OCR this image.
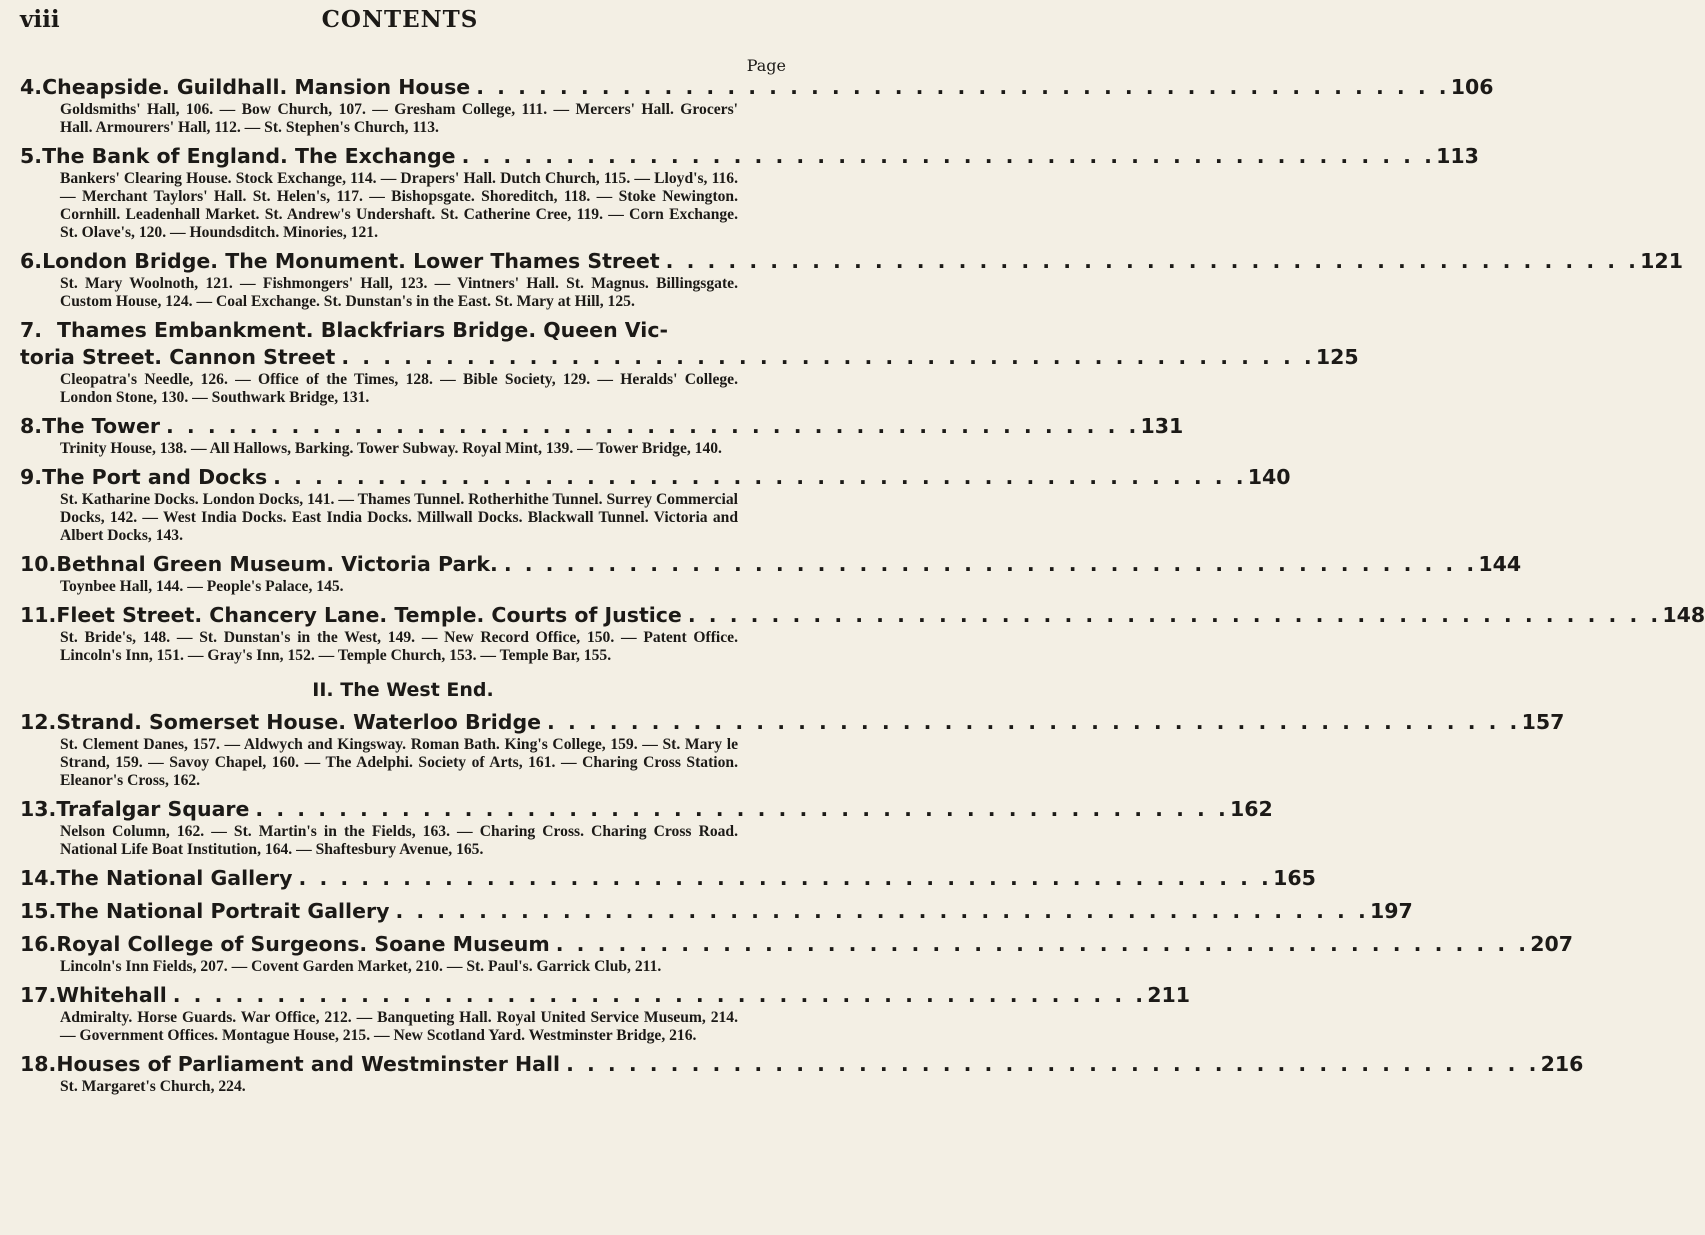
viii	CONTENTS
Page
4. Cheapside. Guildhall. Mansion House . . . . . . . . . . . . . . . . . . . . . . . . . . . . . . . . . . . . . . . . . . . . . . . 106
Goldsmiths' Hall, 106. — Bow Church, 107. — Gresham College, 111. — Mercers' Hall. Grocers' Hall. Armourers' Hall, 112. — St. Stephen's Church, 113.
5. The Bank of England. The Exchange . . . . . . . . . . . . . . . . . . . . . . . . . . . . . . . . . . . . . . . . . . . . . . . 113
Bankers' Clearing House. Stock Exchange, 114. — Drapers' Hall. Dutch Church, 115. — Lloyd's, 116. — Merchant Taylors' Hall. St. Helen's, 117. — Bishopsgate. Shoreditch, 118. — Stoke Newington. Cornhill. Leadenhall Market. St. Andrew's Undershaft. St. Catherine Cree, 119. — Corn Exchange. St. Olave's, 120. — Houndsditch. Minories, 121.
6. London Bridge. The Monument. Lower Thames Street . . . . . . . . . . . . . . . . . . . . . . . . . . . . . . . . . . . . . . . . . . . . . . . 121
St. Mary Woolnoth, 121. — Fishmongers' Hall, 123. — Vintners' Hall. St. Magnus. Billingsgate. Custom House, 124. — Coal Exchange. St. Dunstan's in the East. St. Mary at Hill, 125.
7. Thames Embankment. Blackfriars Bridge. Queen Vic-
toria Street. Cannon Street . . . . . . . . . . . . . . . . . . . . . . . . . . . . . . . . . . . . . . . . . . . . . . . 125
Cleopatra's Needle, 126. — Office of the Times, 128. — Bible Society, 129. — Heralds' College. London Stone, 130. — Southwark Bridge, 131.
8. The Tower . . . . . . . . . . . . . . . . . . . . . . . . . . . . . . . . . . . . . . . . . . . . . . . 131
Trinity House, 138. — All Hallows, Barking. Tower Subway. Royal Mint, 139. — Tower Bridge, 140.
9. The Port and Docks . . . . . . . . . . . . . . . . . . . . . . . . . . . . . . . . . . . . . . . . . . . . . . . 140
St. Katharine Docks. London Docks, 141. — Thames Tunnel. Rotherhithe Tunnel. Surrey Commercial Docks, 142. — West India Docks. East India Docks. Millwall Docks. Blackwall Tunnel. Victoria and Albert Docks, 143.
10. Bethnal Green Museum. Victoria Park. . . . . . . . . . . . . . . . . . . . . . . . . . . . . . . . . . . . . . . . . . . . . . . . 144
Toynbee Hall, 144. — People's Palace, 145.
11. Fleet Street. Chancery Lane. Temple. Courts of Justice . . . . . . . . . . . . . . . . . . . . . . . . . . . . . . . . . . . . . . . . . . . . . . . 148
St. Bride's, 148. — St. Dunstan's in the West, 149. — New Record Office, 150. — Patent Office. Lincoln's Inn, 151. — Gray's Inn, 152. — Temple Church, 153. — Temple Bar, 155.
II. The West End.
12. Strand. Somerset House. Waterloo Bridge . . . . . . . . . . . . . . . . . . . . . . . . . . . . . . . . . . . . . . . . . . . . . . . 157
St. Clement Danes, 157. — Aldwych and Kingsway. Roman Bath. King's College, 159. — St. Mary le Strand, 159. — Savoy Chapel, 160. — The Adelphi. Society of Arts, 161. — Charing Cross Station. Eleanor's Cross, 162.
13. Trafalgar Square . . . . . . . . . . . . . . . . . . . . . . . . . . . . . . . . . . . . . . . . . . . . . . . 162
Nelson Column, 162. — St. Martin's in the Fields, 163. — Charing Cross. Charing Cross Road. National Life Boat Institution, 164. — Shaftesbury Avenue, 165.
14. The National Gallery . . . . . . . . . . . . . . . . . . . . . . . . . . . . . . . . . . . . . . . . . . . . . . . 165
15. The National Portrait Gallery . . . . . . . . . . . . . . . . . . . . . . . . . . . . . . . . . . . . . . . . . . . . . . . 197
16. Royal College of Surgeons. Soane Museum . . . . . . . . . . . . . . . . . . . . . . . . . . . . . . . . . . . . . . . . . . . . . . . 207
Lincoln's Inn Fields, 207. — Covent Garden Market, 210. — St. Paul's. Garrick Club, 211.
17. Whitehall . . . . . . . . . . . . . . . . . . . . . . . . . . . . . . . . . . . . . . . . . . . . . . . 211
Admiralty. Horse Guards. War Office, 212. — Banqueting Hall. Royal United Service Museum, 214. — Government Offices. Montague House, 215. — New Scotland Yard. Westminster Bridge, 216.
18. Houses of Parliament and Westminster Hall . . . . . . . . . . . . . . . . . . . . . . . . . . . . . . . . . . . . . . . . . . . . . . . 216
St. Margaret's Church, 224.
